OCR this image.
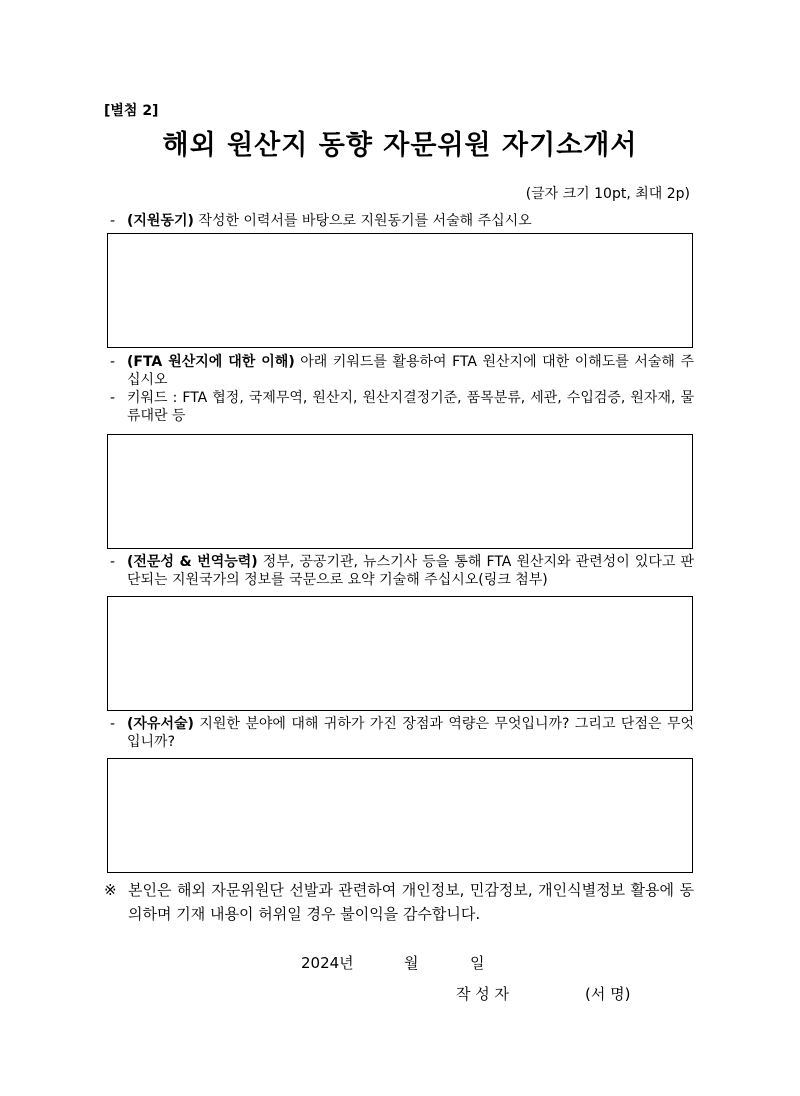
[별첨 2]
해외 원산지 동향 자문위원 자기소개서
(글자 크기 10pt, 최대 2p)
- (지원동기) 작성한 이력서를 바탕으로 지원동기를 서술해 주십시오
- (FTA 원산지에 대한 이해) 아래 키워드를 활용하여 FTA 원산지에 대한 이해도를 서술해 주십시오
- 키워드 : FTA 협정, 국제무역, 원산지, 원산지결정기준, 품목분류, 세관, 수입검증, 원자재, 물류대란 등
- (전문성 & 번역능력) 정부, 공공기관, 뉴스기사 등을 통해 FTA 원산지와 관련성이 있다고 판단되는 지원국가의 정보를 국문으로 요약 기술해 주십시오(링크 첨부)
- (자유서술) 지원한 분야에 대해 귀하가 가진 장점과 역량은 무엇입니까? 그리고 단점은 무엇입니까?
※ 본인은 해외 자문위원단 선발과 관련하여 개인정보, 민감정보, 개인식별정보 활용에 동의하며 기재 내용이 허위일 경우 불이익을 감수합니다.
2024년	월	일
작 성 자	(서 명)
